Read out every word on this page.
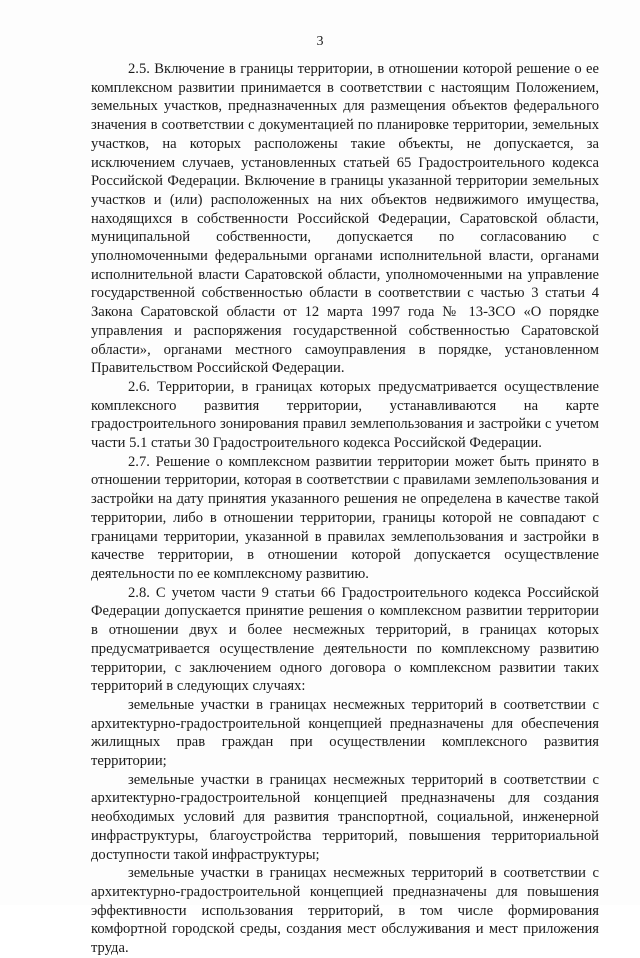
3

2.5. Включение в границы территории, в отношении которой решение о ее комплексном развитии принимается в соответствии с настоящим Положением, земельных участков, предназначенных для размещения объектов федерального значения в соответствии с документацией по планировке территории, земельных участков, на которых расположены такие объекты, не допускается, за исключением случаев, установленных статьей 65 Градостроительного кодекса Российской Федерации. Включение в границы указанной территории земельных участков и (или) расположенных на них объектов недвижимого имущества, находящихся в собственности Российской Федерации, Саратовской области, муниципальной собственности, допускается по согласованию с уполномоченными федеральными органами исполнительной власти, органами исполнительной власти Саратовской области, уполномоченными на управление государственной собственностью области в соответствии с частью 3 статьи 4 Закона Саратовской области от 12 марта 1997 года № 13-ЗСО «О порядке управления и распоряжения государственной собственностью Саратовской области», органами местного самоуправления в порядке, установленном Правительством Российской Федерации.

2.6. Территории, в границах которых предусматривается осуществление комплексного развития территории, устанавливаются на карте градостроительного зонирования правил землепользования и застройки с учетом части 5.1 статьи 30 Градостроительного кодекса Российской Федерации.

2.7. Решение о комплексном развитии территории может быть принято в отношении территории, которая в соответствии с правилами землепользования и застройки на дату принятия указанного решения не определена в качестве такой территории, либо в отношении территории, границы которой не совпадают с границами территории, указанной в правилах землепользования и застройки в качестве территории, в отношении которой допускается осуществление деятельности по ее комплексному развитию.

2.8. С учетом части 9 статьи 66 Градостроительного кодекса Российской Федерации допускается принятие решения о комплексном развитии территории в отношении двух и более несмежных территорий, в границах которых предусматривается осуществление деятельности по комплексному развитию территории, с заключением одного договора о комплексном развитии таких территорий в следующих случаях:

земельные участки в границах несмежных территорий в соответствии с архитектурно-градостроительной концепцией предназначены для обеспечения жилищных прав граждан при осуществлении комплексного развития территории;

земельные участки в границах несмежных территорий в соответствии с архитектурно-градостроительной концепцией предназначены для создания необходимых условий для развития транспортной, социальной, инженерной инфраструктуры, благоустройства территорий, повышения территориальной доступности такой инфраструктуры;

земельные участки в границах несмежных территорий в соответствии с архитектурно-градостроительной концепцией предназначены для повышения эффективности использования территорий, в том числе формирования комфортной городской среды, создания мест обслуживания и мест приложения труда.
